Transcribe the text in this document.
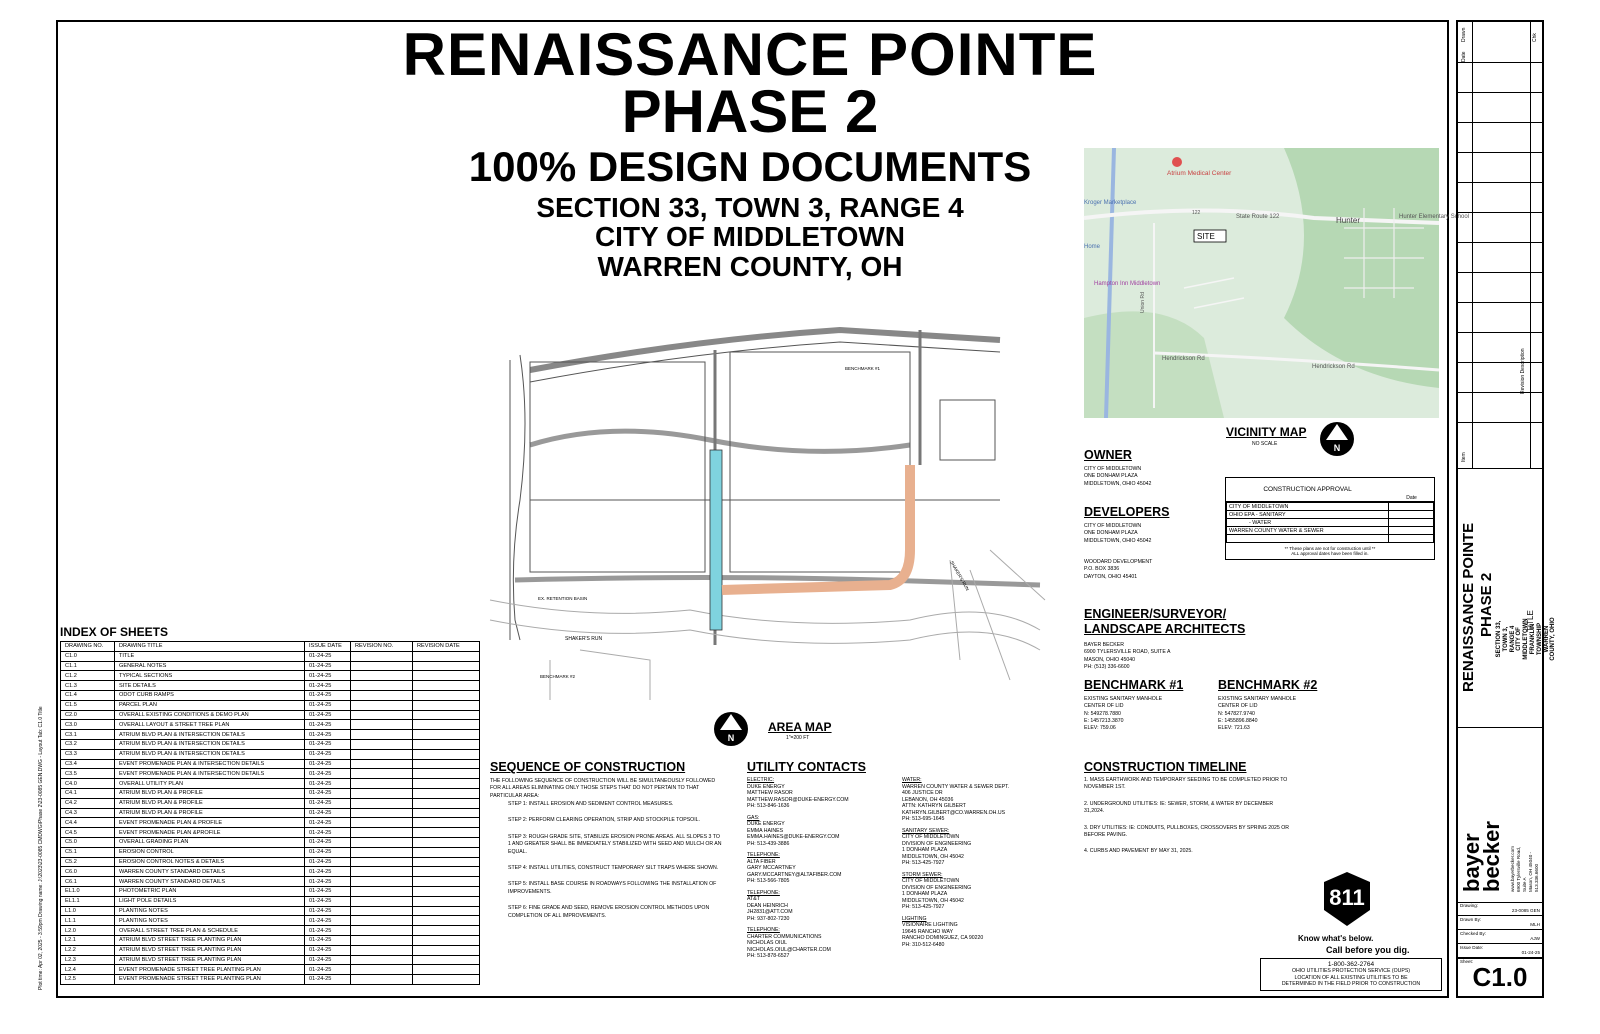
RENAISSANCE POINTE
PHASE 2
100% DESIGN DOCUMENTS
SECTION 33, TOWN 3, RANGE 4
CITY OF MIDDLETOWN
WARREN COUNTY, OH
BENCHMARK #1
EX. RETENTION BASIN
SHAKER'S RUN
SHAKER'S RUN
BENCHMARK #2
N
AREA MAP
1"=200 FT
Atrium Medical Center
Kroger Marketplace
State Route 122	Hunter	Hunter Elementary School
SITE
Hampton Inn Middletown
Hendrickson Rd
Hendrickson Rd
Union Rd
122
Home
VICINITY MAP
NO SCALE	N
OWNER
CITY OF MIDDLETOWN
ONE DONHAM PLAZA
MIDDLETOWN, OHIO 45042
DEVELOPERS
CITY OF MIDDLETOWN
ONE DONHAM PLAZA
MIDDLETOWN, OHIO 45042
WOODARD DEVELOPMENT
P.O. BOX 3836
DAYTON, OHIO 45401
CONSTRUCTION APPROVAL
Date
CITY OF MIDDLETOWN	
OHIO EPA - SANITARY	
- WATER	
WARREN COUNTY WATER & SEWER	

** These plans are not for construction until **
ALL approval dates have been filled in.
ENGINEER/SURVEYOR/
LANDSCAPE ARCHITECTS
BAYER BECKER
6900 TYLERSVILLE ROAD, SUITE A
MASON, OHIO 45040
PH: (513) 336-6600
BENCHMARK #1
EXISTING SANITARY MANHOLE
CENTER OF LID
N: 549278.7880
E: 1457213.3870
ELEV: 759.06
BENCHMARK #2
EXISTING SANITARY MANHOLE
CENTER OF LID
N: 547827.9740
E: 1455896.8840
ELEV: 721.63
INDEX OF SHEETS
DRAWING NO.	DRAWING TITLE	ISSUE DATE	REVISION NO.	REVISION DATE
C1.0	TITLE	01-24-25		
C1.1	GENERAL NOTES	01-24-25		
C1.2	TYPICAL SECTIONS	01-24-25		
C1.3	SITE DETAILS	01-24-25		
C1.4	ODOT CURB RAMPS	01-24-25		
C1.5	PARCEL PLAN	01-24-25		
C2.0	OVERALL EXISTING CONDITIONS & DEMO PLAN	01-24-25		
C3.0	OVERALL LAYOUT & STREET TREE PLAN	01-24-25		
C3.1	ATRIUM BLVD PLAN & INTERSECTION DETAILS	01-24-25		
C3.2	ATRIUM BLVD PLAN & INTERSECTION DETAILS	01-24-25		
C3.3	ATRIUM BLVD PLAN & INTERSECTION DETAILS	01-24-25		
C3.4	EVENT PROMENADE PLAN & INTERSECTION DETAILS	01-24-25		
C3.5	EVENT PROMENADE PLAN & INTERSECTION DETAILS	01-24-25		
C4.0	OVERALL UTILITY PLAN	01-24-25		
C4.1	ATRIUM BLVD PLAN & PROFILE	01-24-25		
C4.2	ATRIUM BLVD PLAN & PROFILE	01-24-25		
C4.3	ATRIUM BLVD PLAN & PROFILE	01-24-25		
C4.4	EVENT PROMENADE PLAN & PROFILE	01-24-25		
C4.5	EVENT PROMENADE PLAN &PROFILE	01-24-25		
C5.0	OVERALL GRADING PLAN	01-24-25		
C5.1	EROSION CONTROL	01-24-25		
C5.2	EROSION CONTROL NOTES & DETAILS	01-24-25		
C6.0	WARREN COUNTY STANDARD DETAILS	01-24-25		
C6.1	WARREN COUNTY STANDARD DETAILS	01-24-25		
EL1.0	PHOTOMETRIC PLAN	01-24-25		
EL1.1	LIGHT POLE DETAILS	01-24-25		
L1.0	PLANTING NOTES	01-24-25		
L1.1	PLANTING NOTES	01-24-25		
L2.0	OVERALL STREET TREE PLAN & SCHEDULE	01-24-25		
L2.1	ATRIUM BLVD STREET TREE PLANTING PLAN	01-24-25		
L2.2	ATRIUM BLVD STREET TREE PLANTING PLAN	01-24-25		
L2.3	ATRIUM BLVD STREET TREE PLANTING PLAN	01-24-25		
L2.4	EVENT PROMENADE STREET TREE PLANTING PLAN	01-24-25		
L2.5	EVENT PROMENADE STREET TREE PLANTING PLAN	01-24-25		
SEQUENCE OF CONSTRUCTION
THE FOLLOWING SEQUENCE OF CONSTRUCTION WILL BE SIMULTANEOUSLY FOLLOWED FOR ALL AREAS ELIMINATING ONLY THOSE STEPS THAT DO NOT PERTAIN TO THAT PARTICULAR AREA:
STEP 1: INSTALL EROSION AND SEDIMENT CONTROL MEASURES.
STEP 2: PERFORM CLEARING OPERATION, STRIP AND STOCKPILE TOPSOIL.
STEP 3: ROUGH GRADE SITE, STABILIZE EROSION PRONE AREAS. ALL SLOPES 3 TO 1 AND GREATER SHALL BE IMMEDIATELY STABILIZED WITH SEED AND MULCH OR AN EQUAL.
STEP 4: INSTALL UTILITIES, CONSTRUCT TEMPORARY SILT TRAPS WHERE SHOWN.
STEP 5: INSTALL BASE COURSE IN ROADWAYS FOLLOWING THE INSTALLATION OF IMPROVEMENTS.
STEP 6: FINE GRADE AND SEED, REMOVE EROSION CONTROL METHODS UPON COMPLETION OF ALL IMPROVEMENTS.
UTILITY CONTACTS
ELECTRIC:
DUKE ENERGY
MATTHEW RASOR
MATTHEW.RASOR@DUKE-ENERGY.COM
PH: 513-846-1636
GAS:
DUKE ENERGY
EMMA HAINES
EMMA.HAINES@DUKE-ENERGY.COM
PH: 513-439-3886
TELEPHONE:
ALTA FIBER
GARY MCCARTNEY
GARY.MCCARTNEY@ALTAFIBER.COM
PH: 513-566-7805
TELEPHONE:
AT&T
DEAN HEINRICH
JH2831@ATT.COM
PH: 937-802-7230
TELEPHONE:
CHARTER COMMUNICATIONS
NICHOLAS OIUL
NICHOLAS.OIUL@CHARTER.COM
PH: 513-878-6527
WATER:
WARREN COUNTY WATER & SEWER DEPT.
406 JUSTICE DR
LEBANON, OH 45036
ATTN: KATHRYN GILBERT
KATHRYN.GILBERT@CO.WARREN.OH.US
PH: 513-695-1645
SANITARY SEWER:
CITY OF MIDDLETOWN
DIVISION OF ENGINEERING
1 DONHAM PLAZA
MIDDLETOWN, OH 45042
PH: 513-425-7927
STORM SEWER:
CITY OF MIDDLETOWN
DIVISION OF ENGINEERING
1 DONHAM PLAZA
MIDDLETOWN, OH 45042
PH: 513-425-7927
LIGHTING
VISIONAIRE LIGHTING
19645 RANCHO WAY
RANCHO DOMINGUEZ, CA 90220
PH: 310-512-6480
CONSTRUCTION TIMELINE
1. MASS EARTHWORK AND TEMPORARY SEEDING TO BE COMPLETED PRIOR TO NOVEMBER 1ST.
2. UNDERGROUND UTILITIES: IE: SEWER, STORM, & WATER BY DECEMBER 31,2024.
3. DRY UTILITIES: IE: CONDUITS, PULLBOXES, CROSSOVERS BY SPRING 2025 OR BEFORE PAVING.
4. CURBS AND PAVEMENT BY MAY 31, 2025.
811
Know what's below.
Call before you dig.
1-800-362-2764
OHIO UTILITIES PROTECTION SERVICE (OUPS)
LOCATION OF ALL EXISTING UTILITIES TO BE
DETERMINED IN THE FIELD PRIOR TO CONSTRUCTION
Plot time: Apr 02, 2025 - 3:59pm Drawing name: J:\2023\23-0085 CMDWG\Phase 2\23-0085 GEN.DWG - Layout Tab: C1.0 Title
Item
Revision Description
Date
Drawn	Chk
RENAISSANCE POINTE PHASE 2
SECTION 33, TOWN 3, RANGE 4
CITY OF MIDDLETOWN
FRANKLIN TOWNSHIP
WARREN COUNTY, OHIO
TITLE
bayer
becker www.bayerbecker.com
6900 Tylersville Road, Suite A
Mason, OH 45040 - 513.336.6600
Drawing:
23-0085 GEN
Drawn By:
MLH
Checked By:
AJW
Issue Date:
01-24-25
Sheet:
C1.0
